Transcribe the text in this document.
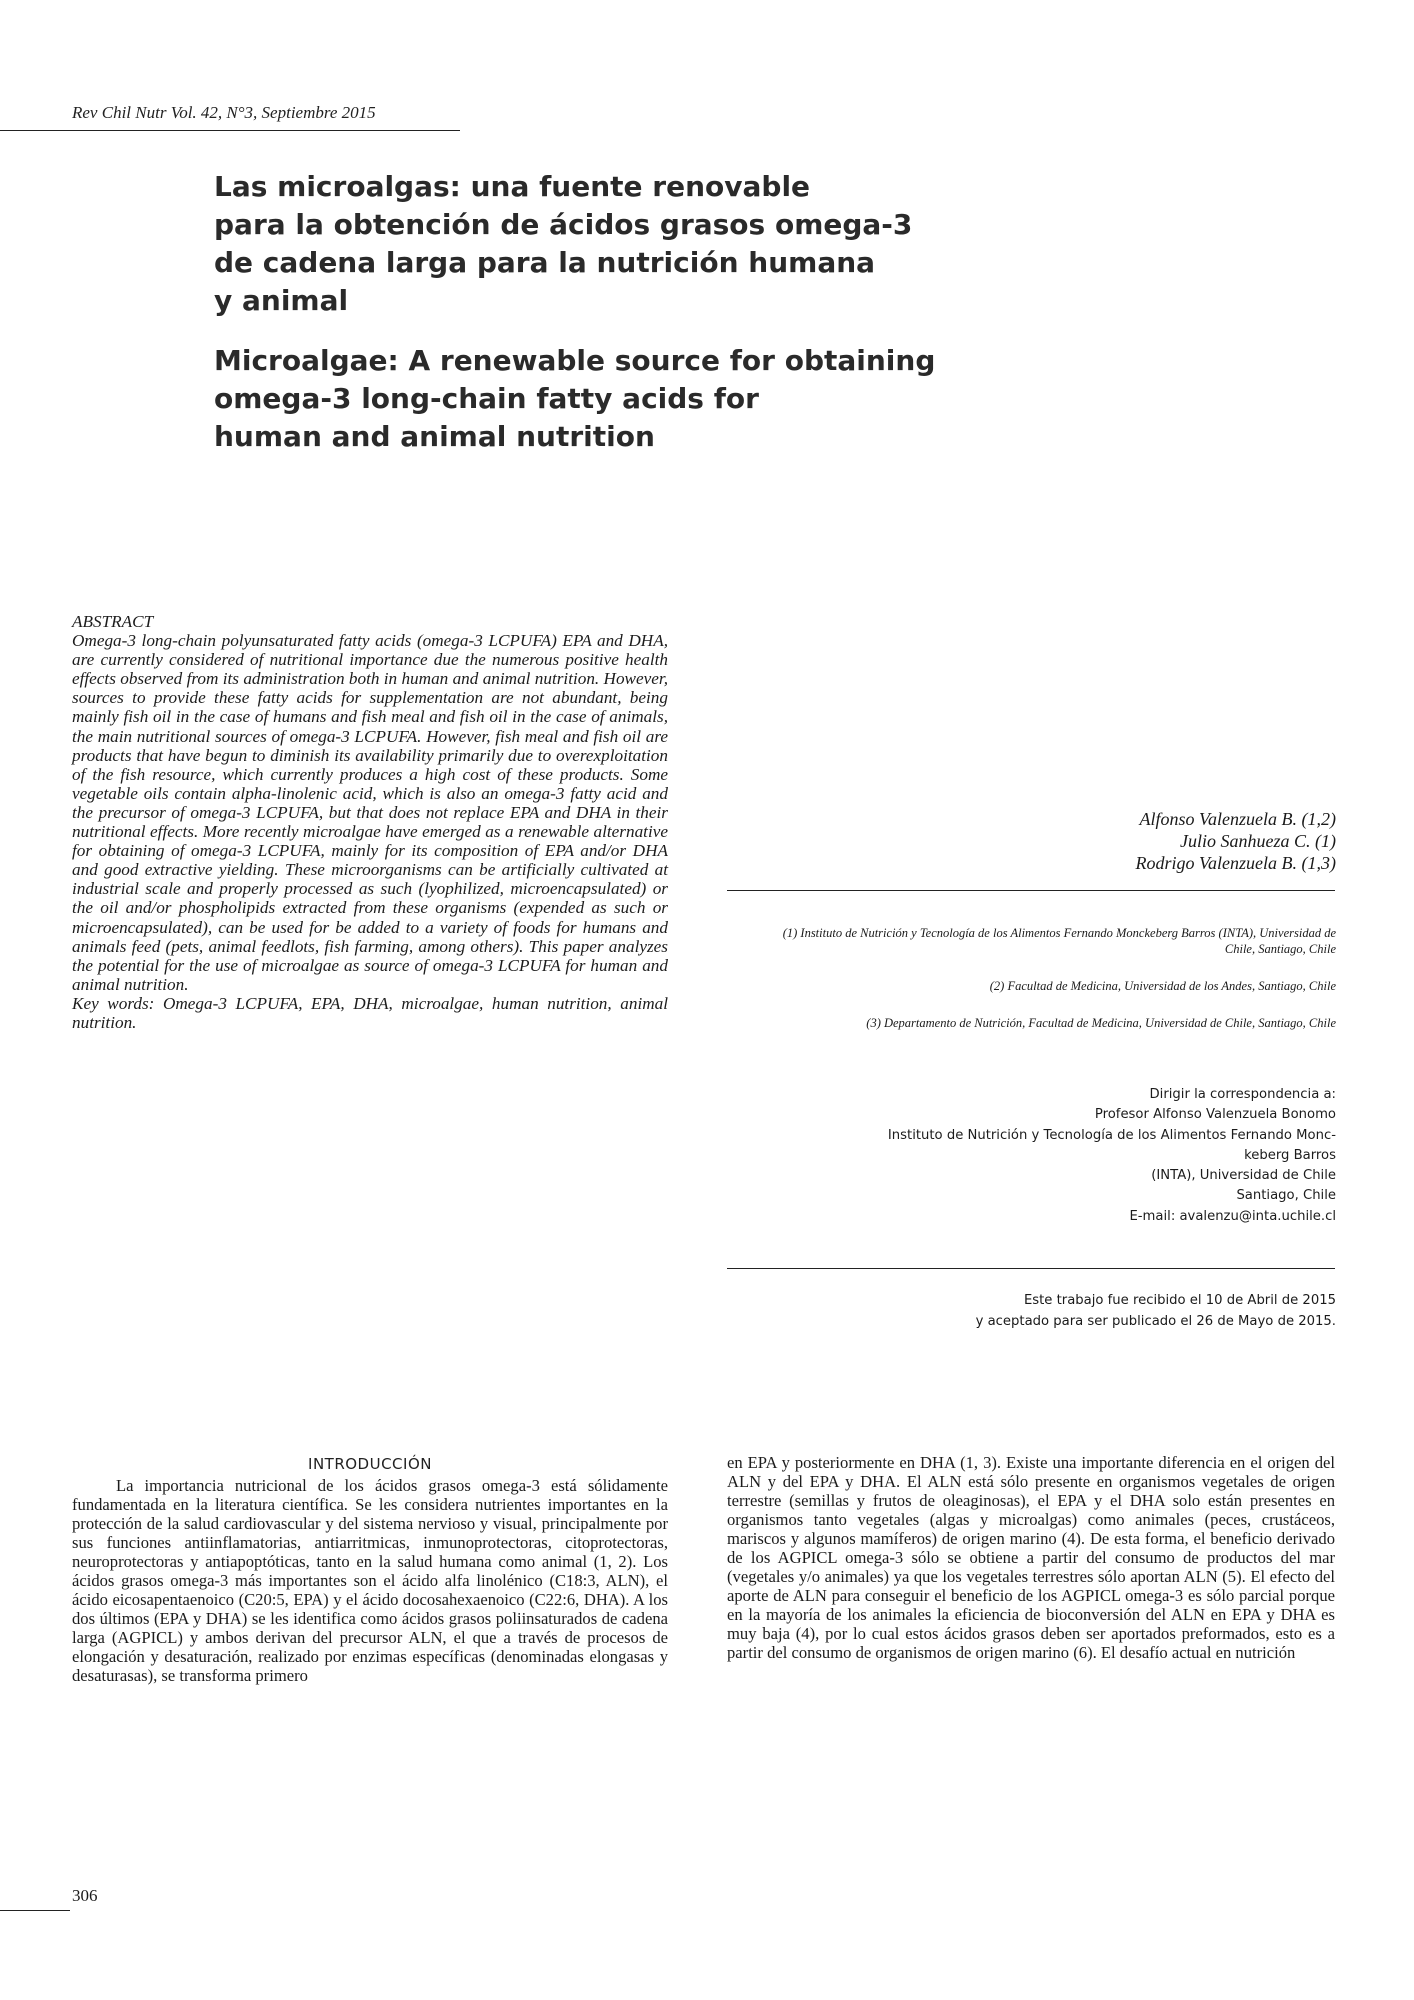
Rev Chil Nutr Vol. 42, N°3, Septiembre 2015
Las microalgas: una fuente renovable
para la obtención de ácidos grasos omega-3
de cadena larga para la nutrición humana
y animal
Microalgae: A renewable source for obtaining
omega-3 long-chain fatty acids for
human and animal nutrition
ABSTRACT
Omega-3 long-chain polyunsaturated fatty acids (omega-3 LCPUFA) EPA and DHA, are currently considered of nutritional importance due the numerous positive health effects observed from its administration both in human and animal nutrition. However, sources to provide these fatty acids for supplementation are not abundant, being mainly fish oil in the case of humans and fish meal and fish oil in the case of animals, the main nutritional sources of omega-3 LCPUFA. However, fish meal and fish oil are products that have begun to diminish its availability primarily due to overexploitation of the fish resource, which currently produces a high cost of these products. Some vegetable oils contain alpha-linolenic acid, which is also an omega-3 fatty acid and the precursor of omega-3 LCPUFA, but that does not replace EPA and DHA in their nutritional effects. More recently microalgae have emerged as a renewable alternative for obtaining of omega-3 LCPUFA, mainly for its composition of EPA and/or DHA and good extractive yielding. These microorganisms can be artificially cultivated at industrial scale and properly processed as such (lyophilized, microencapsulated) or the oil and/or phospholipids extracted from these organisms (expended as such or microencapsulated), can be used for be added to a variety of foods for humans and animals feed (pets, animal feedlots, fish farming, among others). This paper analyzes the potential for the use of microalgae as source of omega-3 LCPUFA for human and animal nutrition.
Key words: Omega-3 LCPUFA, EPA, DHA, microalgae, human nutrition, animal nutrition.
Alfonso Valenzuela B. (1,2)
Julio Sanhueza C. (1)
Rodrigo Valenzuela B. (1,3)
(1) Instituto de Nutrición y Tecnología de los Alimentos Fernando Monckeberg Barros (INTA), Universidad de Chile, Santiago, Chile
(2) Facultad de Medicina, Universidad de los Andes, Santiago, Chile
(3) Departamento de Nutrición, Facultad de Medicina, Universidad de Chile, Santiago, Chile
Dirigir la correspondencia a:
Profesor Alfonso Valenzuela Bonomo
Instituto de Nutrición y Tecnología de los Alimentos Fernando Monc-
keberg Barros
(INTA), Universidad de Chile
Santiago, Chile
E-mail: avalenzu@inta.uchile.cl
Este trabajo fue recibido el 10 de Abril de 2015
y aceptado para ser publicado el 26 de Mayo de 2015.
INTRODUCCIÓN
La importancia nutricional de los ácidos grasos omega-3 está sólidamente fundamentada en la literatura científica. Se les considera nutrientes importantes en la protección de la salud cardiovascular y del sistema nervioso y visual, principalmente por sus funciones antiinflamatorias, antiarritmicas, inmunoprotectoras, citoprotectoras, neuroprotectoras y antiapoptóticas, tanto en la salud humana como animal (1, 2). Los ácidos grasos omega-3 más importantes son el ácido alfa linolénico (C18:3, ALN), el ácido eicosapentaenoico (C20:5, EPA) y el ácido docosahexaenoico (C22:6, DHA). A los dos últimos (EPA y DHA) se les identifica como ácidos grasos poliinsaturados de cadena larga (AGPICL) y ambos derivan del precursor ALN, el que a través de procesos de elongación y desaturación, realizado por enzimas específicas (denominadas elongasas y desaturasas), se transforma primero
en EPA y posteriormente en DHA (1, 3). Existe una importante diferencia en el origen del ALN y del EPA y DHA. El ALN está sólo presente en organismos vegetales de origen terrestre (semillas y frutos de oleaginosas), el EPA y el DHA solo están presentes en organismos tanto vegetales (algas y microalgas) como animales (peces, crustáceos, mariscos y algunos mamíferos) de origen marino (4). De esta forma, el beneficio derivado de los AGPICL omega-3 sólo se obtiene a partir del consumo de productos del mar (vegetales y/o animales) ya que los vegetales terrestres sólo aportan ALN (5). El efecto del aporte de ALN para conseguir el beneficio de los AGPICL omega-3 es sólo parcial porque en la mayoría de los animales la eficiencia de bioconversión del ALN en EPA y DHA es muy baja (4), por lo cual estos ácidos grasos deben ser aportados preformados, esto es a partir del consumo de organismos de origen marino (6). El desafío actual en nutrición
306
